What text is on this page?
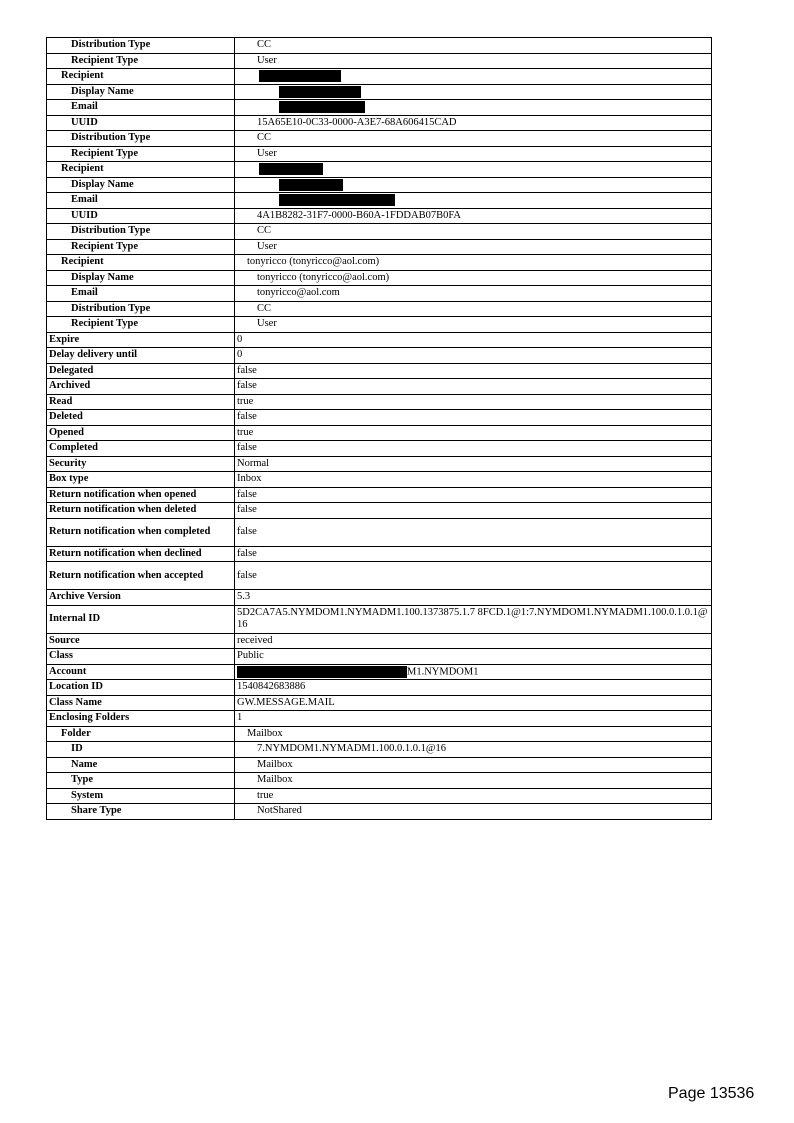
Distribution Type	CC
Recipient Type	User
Recipient	
Display Name	
Email	
UUID	15A65E10-0C33-0000-A3E7-68A606415CAD
Distribution Type	CC
Recipient Type	User
Recipient	
Display Name	
Email	
UUID	4A1B8282-31F7-0000-B60A-1FDDAB07B0FA
Distribution Type	CC
Recipient Type	User
Recipient	tonyricco (tonyricco@aol.com)
Display Name	tonyricco (tonyricco@aol.com)
Email	tonyricco@aol.com
Distribution Type	CC
Recipient Type	User
Expire	0
Delay delivery until	0
Delegated	false
Archived	false
Read	true
Deleted	false
Opened	true
Completed	false
Security	Normal
Box type	Inbox
Return notification when opened	false
Return notification when deleted	false
Return notification when completed	false
Return notification when declined	false
Return notification when accepted	false
Archive Version	5.3
Internal ID	5D2CA7A5.NYMDOM1.NYMADM1.100.1373875.1.7 8FCD.1@1:7.NYMDOM1.NYMADM1.100.0.1.0.1@16
Source	received
Class	Public
Account	M1.NYMDOM1
Location ID	1540842683886
Class Name	GW.MESSAGE.MAIL
Enclosing Folders	1
Folder	Mailbox
ID	7.NYMDOM1.NYMADM1.100.0.1.0.1@16
Name	Mailbox
Type	Mailbox
System	true
Share Type	NotShared
Page 13536
